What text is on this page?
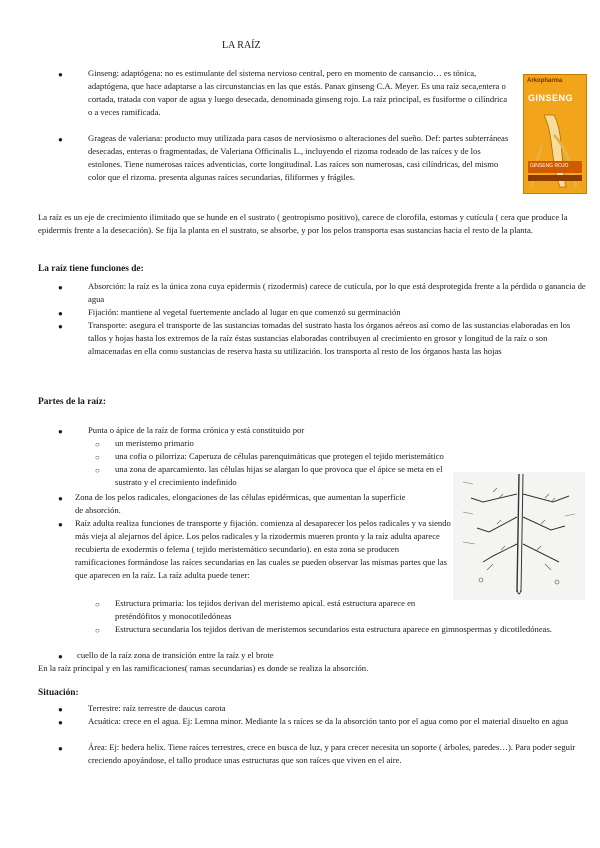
LA RAÍZ
●	Ginseng: adaptógena: no es estimulante del sistema nervioso central, pero en momento de cansancio… es tónica, adaptógena, que hace adaptarse a las circunstancias en las que estás. Panax ginseng C.A. Meyer. Es una raíz seca,entera o cortada, tratada con vapor de agua y luego desecada, denominada ginseng rojo. La raíz principal, es fusiforme o cilíndrica o a veces ramificada.
●	Grageas de valeriana: producto muy utilizada para casos de nerviosismo o alteraciones del sueño. Def: partes subterráneas desecadas, enteras o fragmentadas, de Valeriana Officinalis L., incluyendo el rizoma rodeado de las raíces y de los estolones. Tiene numerosas raíces adventicias, corte longitudinal. Las raíces son numerosas, casi cilíndricas, del mismo color que el rizoma. presenta algunas raíces secundarias, filiformes y frágiles.
Arkopharma
GINSENG
GINSENG ROJO
La raíz es un eje de crecimiento ilimitado que se hunde en el sustrato ( geotropismo positivo), carece de clorofila, estomas y cutícula ( cera que produce la epidermis frente a la desecación). Se fija la planta en el sustrato, se absorbe, y por los pelos transporta esas sustancias hacia el resto de la planta.
La raíz tiene funciones de:
●	Absorción: la raíz es la única zona cuya epidermis ( rizodermis) carece de cutícula, por lo que está desprotegida frente a la pérdida o ganancia de agua
●	Fijación: mantiene al vegetal fuertemente anclado al lugar en que comenzó su germinación
●	Transporte: asegura el transporte de las sustancias tomadas del sustrato hasta los órganos aéreos así como de las sustancias elaboradas en los tallos y hojas hasta los extremos de la raíz éstas sustancias elaboradas contribuyen al crecimiento en grosor y longitud de la raíz o son almacenadas en ella como sustancias de reserva hasta su utilización. los transporta al resto de los órganos hasta las hojas
Partes de la raíz:
●	Punta o ápice de la raíz de forma crónica y está constituido por
○ un meristemo primario
○ una cofia o pilorriza: Caperuza de células parenquimáticas que protegen el tejido meristemático
○ una zona de aparcamiento. las células hijas se alargan lo que provoca que el ápice se meta en el sustrato y el crecimiento indefinido
● Zona de los pelos radicales, elongaciones de las células epidérmicas, que aumentan la superficie de absorción.
● Raíz adulta realiza funciones de transporte y fijación. comienza al desaparecer los pelos radicales y va siendo más vieja al alejarnos del ápice. Los pelos radicales y la rizodermis mueren pronto y la raíz adulta aparece recubierta de exodermis o felema ( tejido meristemático secundario). en esta zona se producen ramificaciones formándose las raíces secundarias en las cuales se pueden observar las mismas partes que las que aparecen en la raíz. La raíz adulta puede tener:
○ Estructura primaria: los tejidos derivan del meristemo apical. está estructura aparece en preténdófitos y monocotiledóneas
○ Estructura secundaria los tejidos derivan de meristemos secundarios esta estructura aparece en gimnospermas y dicotiledóneas.
● cuello de la raíz zona de transición entre la raíz y el brote
En la raíz principal y en las ramificaciones( ramas secundarias) es donde se realiza la absorción.
Situación:
●	Terrestre: raíz terrestre de daucus carota
●	Acuática: crece en el agua. Ej: Lemna minor. Mediante la s raíces se da la absorción tanto por el agua como por el material disuelto en agua
●	Área: Ej: hedera helix. Tiene raíces terrestres, crece en busca de luz, y para crecer necesita un soporte ( árboles, paredes…). Para poder seguir creciendo apoyándose, el tallo produce unas estructuras que son raíces que viven en el aire.
